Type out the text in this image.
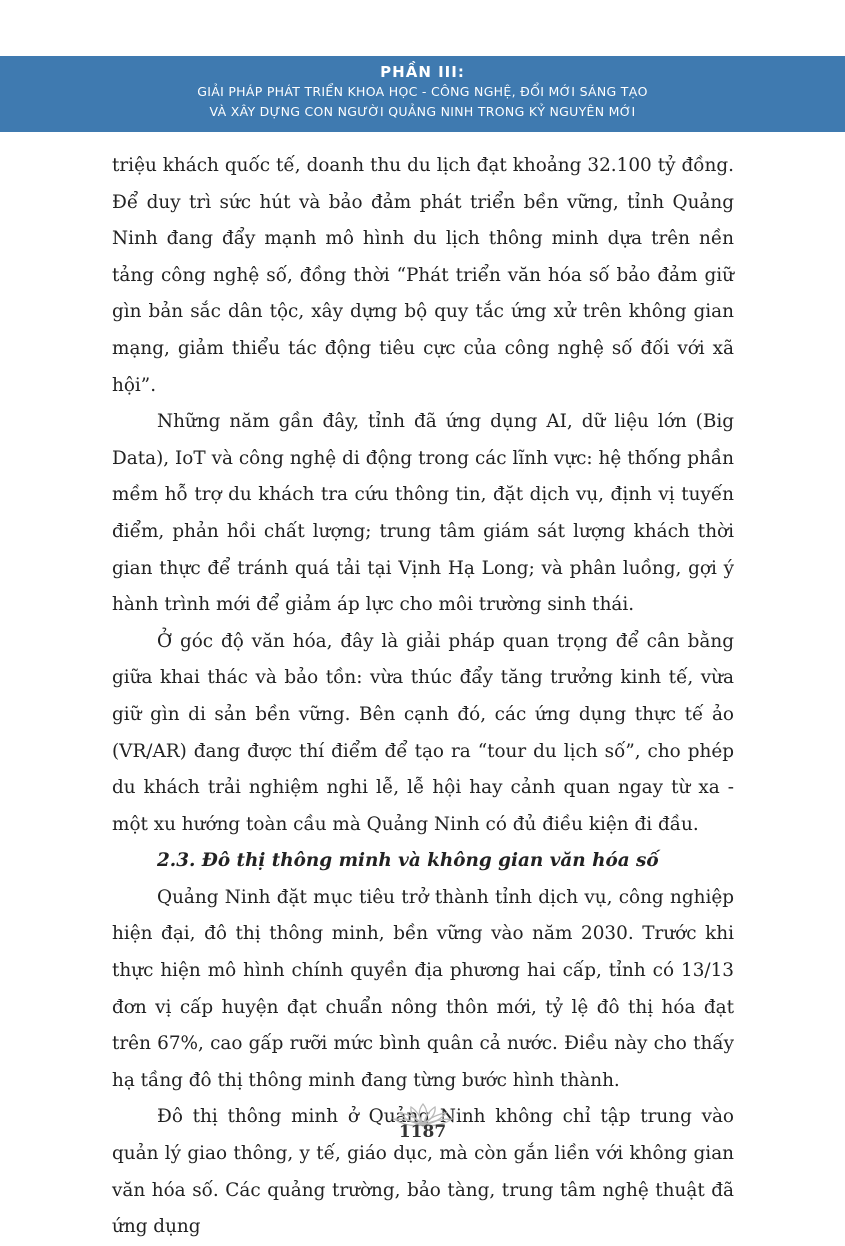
PHẦN III:
GIẢI PHÁP PHÁT TRIỂN KHOA HỌC - CÔNG NGHỆ, ĐỔI MỚI SÁNG TẠO
VÀ XÂY DỰNG CON NGƯỜI QUẢNG NINH TRONG KỶ NGUYÊN MỚI

triệu khách quốc tế, doanh thu du lịch đạt khoảng 32.100 tỷ đồng. Để duy trì sức hút và bảo đảm phát triển bền vững, tỉnh Quảng Ninh đang đẩy mạnh mô hình du lịch thông minh dựa trên nền tảng công nghệ số, đồng thời “Phát triển văn hóa số bảo đảm giữ gìn bản sắc dân tộc, xây dựng bộ quy tắc ứng xử trên không gian mạng, giảm thiểu tác động tiêu cực của công nghệ số đối với xã hội”.

Những năm gần đây, tỉnh đã ứng dụng AI, dữ liệu lớn (Big Data), IoT và công nghệ di động trong các lĩnh vực: hệ thống phần mềm hỗ trợ du khách tra cứu thông tin, đặt dịch vụ, định vị tuyến điểm, phản hồi chất lượng; trung tâm giám sát lượng khách thời gian thực để tránh quá tải tại Vịnh Hạ Long; và phân luồng, gợi ý hành trình mới để giảm áp lực cho môi trường sinh thái.

Ở góc độ văn hóa, đây là giải pháp quan trọng để cân bằng giữa khai thác và bảo tồn: vừa thúc đẩy tăng trưởng kinh tế, vừa giữ gìn di sản bền vững. Bên cạnh đó, các ứng dụng thực tế ảo (VR/AR) đang được thí điểm để tạo ra “tour du lịch số”, cho phép du khách trải nghiệm nghi lễ, lễ hội hay cảnh quan ngay từ xa - một xu hướng toàn cầu mà Quảng Ninh có đủ điều kiện đi đầu.

2.3. Đô thị thông minh và không gian văn hóa số

Quảng Ninh đặt mục tiêu trở thành tỉnh dịch vụ, công nghiệp hiện đại, đô thị thông minh, bền vững vào năm 2030. Trước khi thực hiện mô hình chính quyền địa phương hai cấp, tỉnh có 13/13 đơn vị cấp huyện đạt chuẩn nông thôn mới, tỷ lệ đô thị hóa đạt trên 67%, cao gấp rưỡi mức bình quân cả nước. Điều này cho thấy hạ tầng đô thị thông minh đang từng bước hình thành.

Đô thị thông minh ở Quảng Ninh không chỉ tập trung vào quản lý giao thông, y tế, giáo dục, mà còn gắn liền với không gian văn hóa số. Các quảng trường, bảo tàng, trung tâm nghệ thuật đã ứng dụng

1187
